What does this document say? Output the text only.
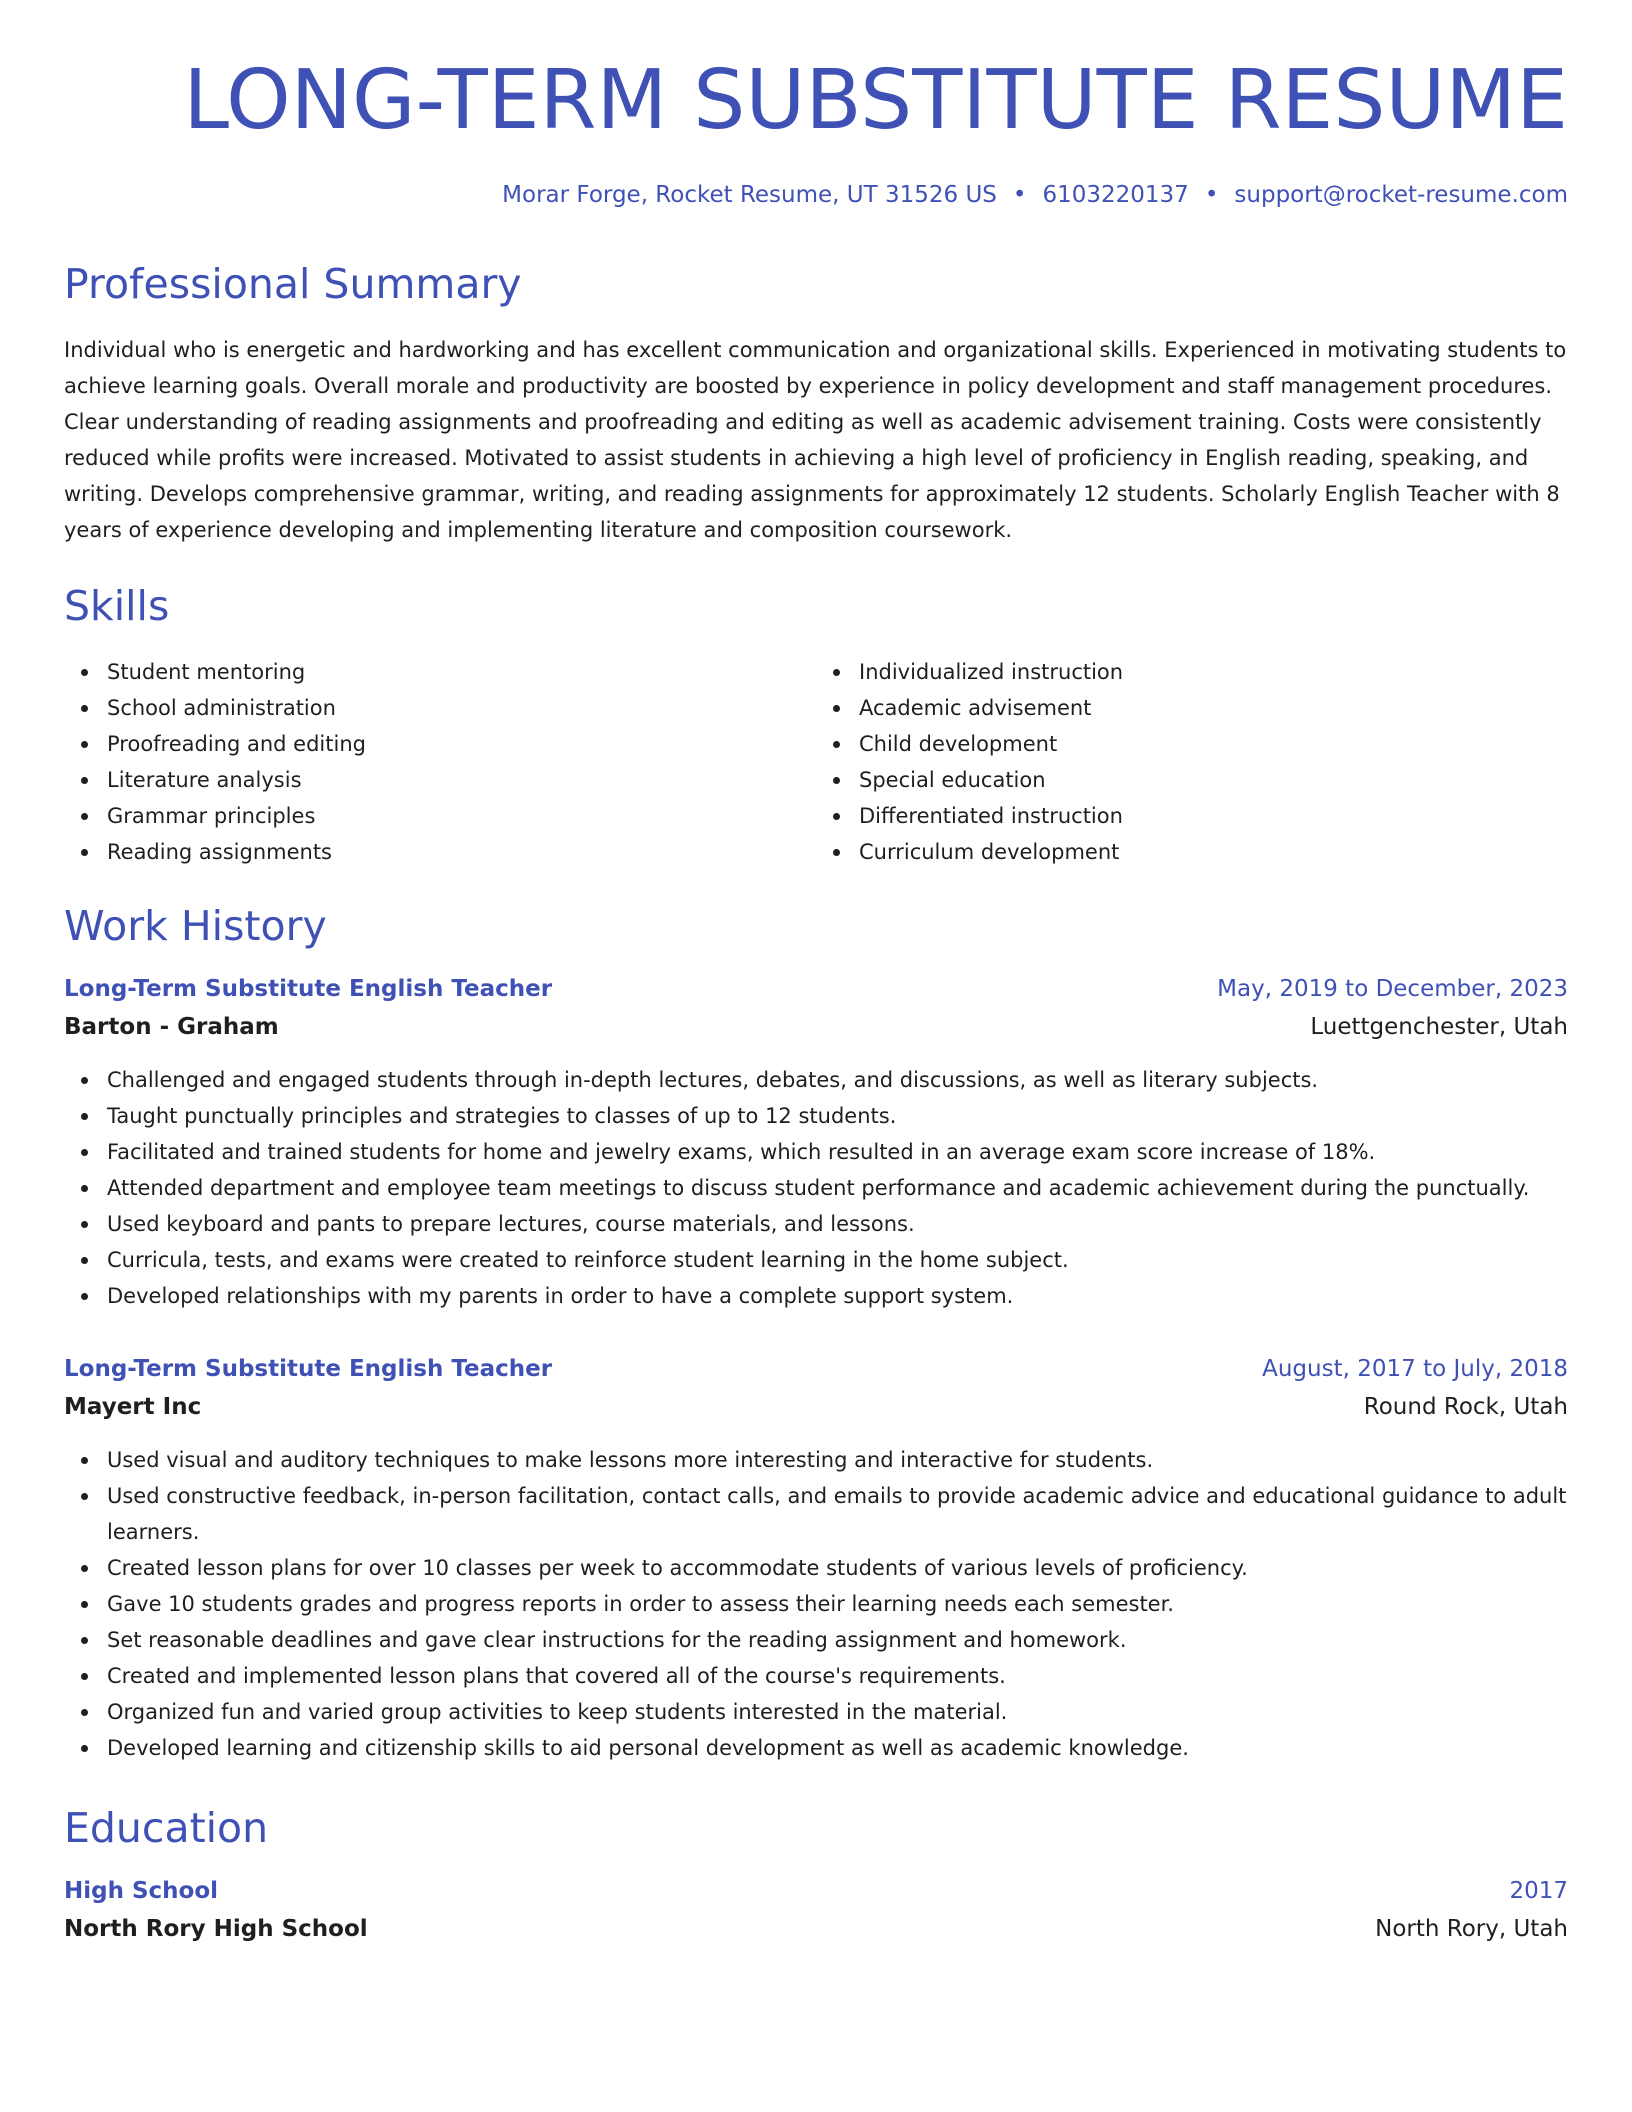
LONG-TERM SUBSTITUTE RESUME
Morar Forge, Rocket Resume, UT 31526 US • 6103220137 • support@rocket-resume.com
Professional Summary
Individual who is energetic and hardworking and has excellent communication and organizational skills. Experienced in motivating students to achieve learning goals. Overall morale and productivity are boosted by experience in policy development and staff management procedures. Clear understanding of reading assignments and proofreading and editing as well as academic advisement training. Costs were consistently reduced while profits were increased. Motivated to assist students in achieving a high level of proficiency in English reading, speaking, and writing. Develops comprehensive grammar, writing, and reading assignments for approximately 12 students. Scholarly English Teacher with 8 years of experience developing and implementing literature and composition coursework.
Skills
Student mentoring
School administration
Proofreading and editing
Literature analysis
Grammar principles
Reading assignments
Individualized instruction
Academic advisement
Child development
Special education
Differentiated instruction
Curriculum development
Work History
Long-Term Substitute English Teacher	May, 2019 to December, 2023
Barton - Graham	Luettgenchester, Utah
Challenged and engaged students through in-depth lectures, debates, and discussions, as well as literary subjects.
Taught punctually principles and strategies to classes of up to 12 students.
Facilitated and trained students for home and jewelry exams, which resulted in an average exam score increase of 18%.
Attended department and employee team meetings to discuss student performance and academic achievement during the punctually.
Used keyboard and pants to prepare lectures, course materials, and lessons.
Curricula, tests, and exams were created to reinforce student learning in the home subject.
Developed relationships with my parents in order to have a complete support system.
Long-Term Substitute English Teacher	August, 2017 to July, 2018
Mayert Inc	Round Rock, Utah
Used visual and auditory techniques to make lessons more interesting and interactive for students.
Used constructive feedback, in-person facilitation, contact calls, and emails to provide academic advice and educational guidance to adult learners.
Created lesson plans for over 10 classes per week to accommodate students of various levels of proficiency.
Gave 10 students grades and progress reports in order to assess their learning needs each semester.
Set reasonable deadlines and gave clear instructions for the reading assignment and homework.
Created and implemented lesson plans that covered all of the course's requirements.
Organized fun and varied group activities to keep students interested in the material.
Developed learning and citizenship skills to aid personal development as well as academic knowledge.
Education
High School	2017
North Rory High School	North Rory, Utah
